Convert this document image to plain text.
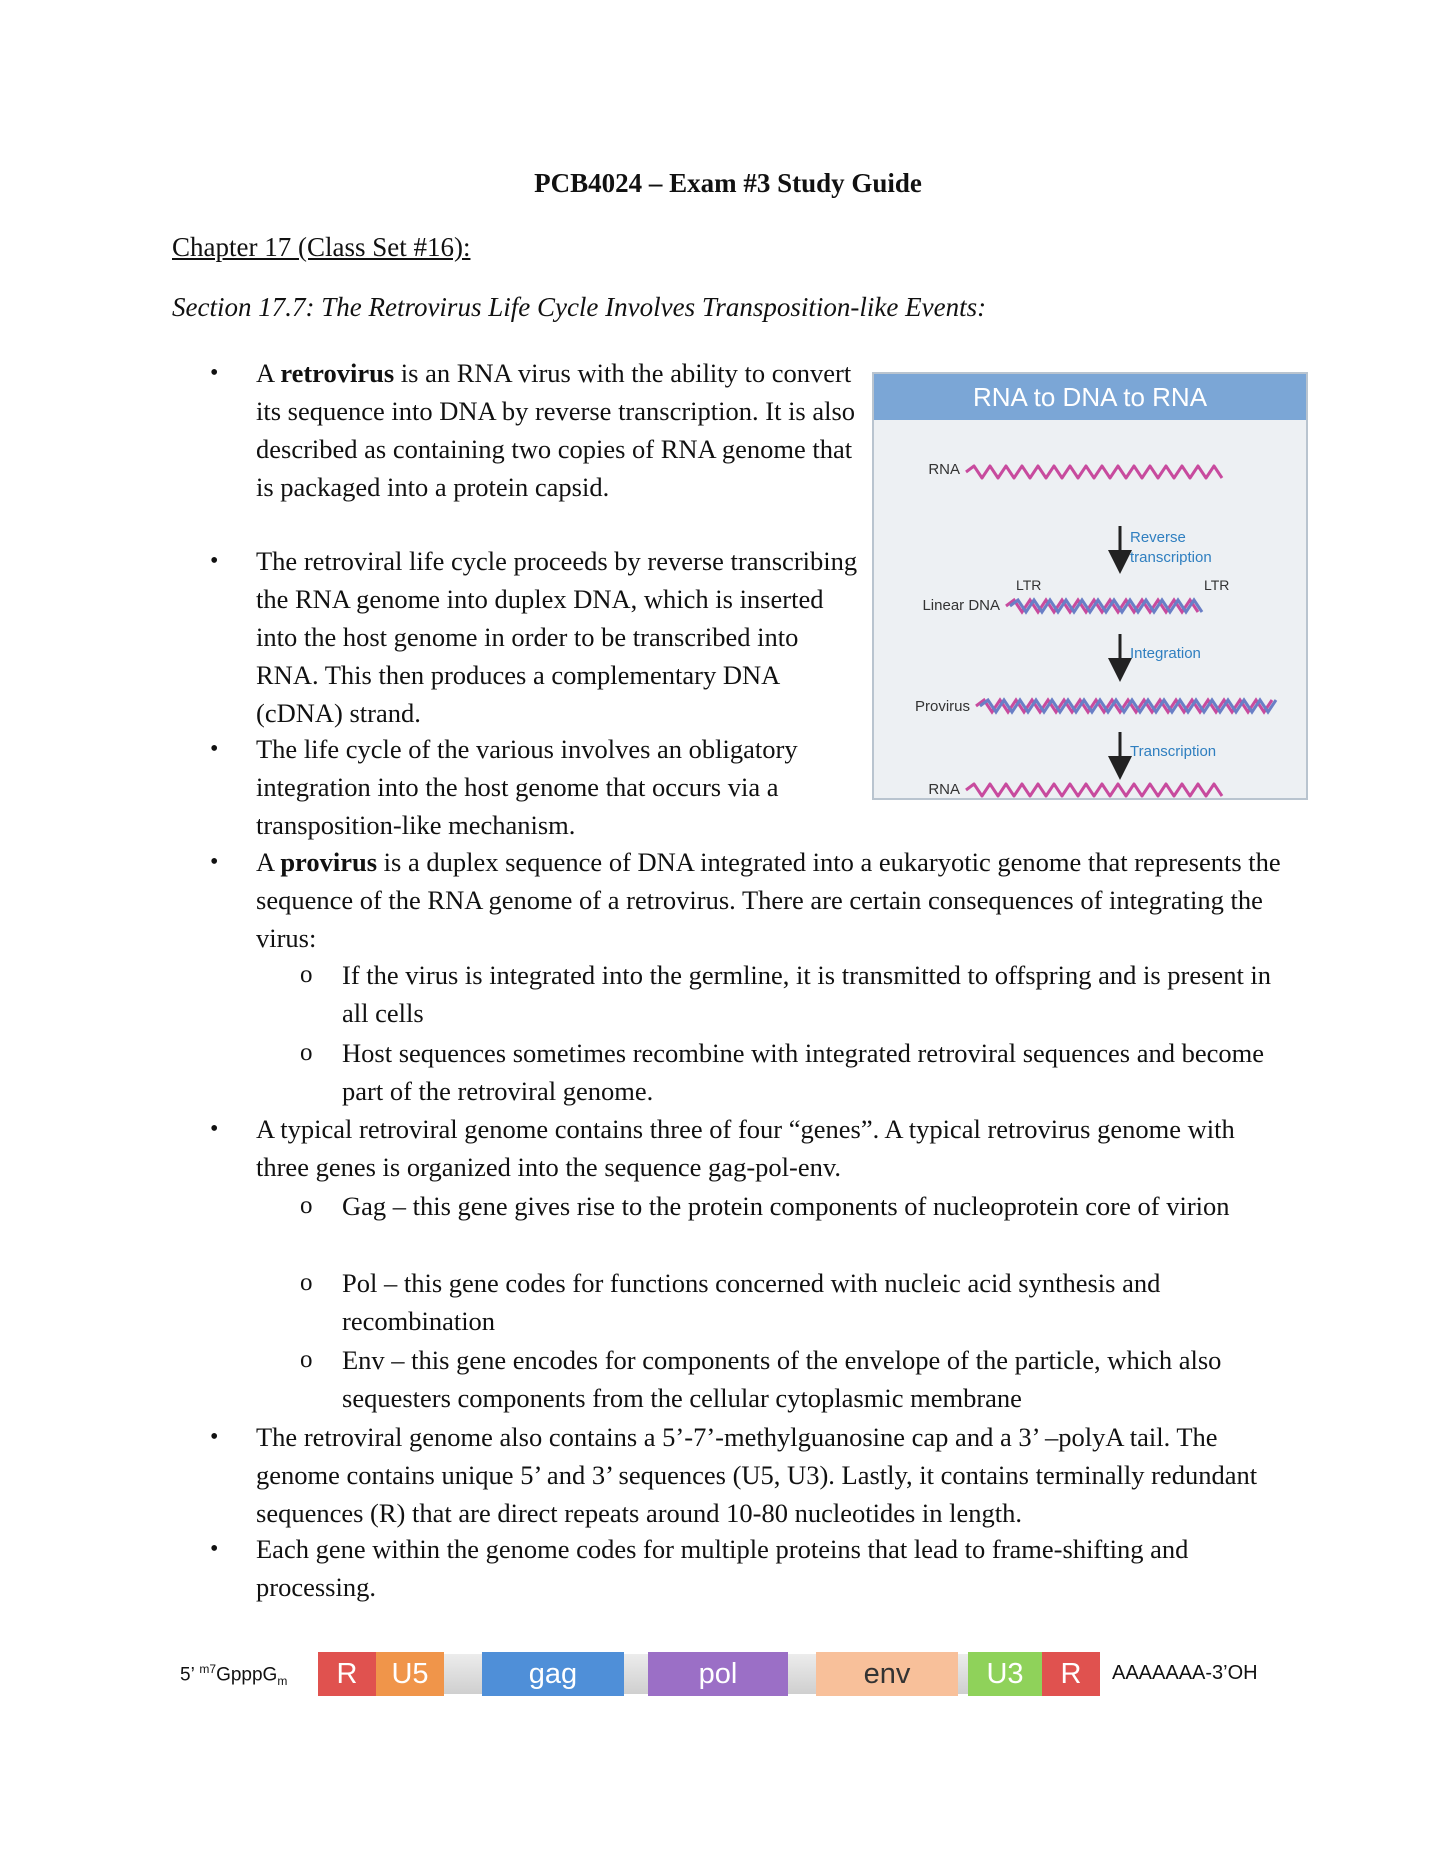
PCB4024 – Exam #3 Study Guide
Chapter 17 (Class Set #16):
Section 17.7: The Retrovirus Life Cycle Involves Transposition-like Events:
•	A retrovirus is an RNA virus with the ability to convert its sequence into DNA by reverse transcription. It is also described as containing two copies of RNA genome that is packaged into a protein capsid.
•	The retroviral life cycle proceeds by reverse transcribing the RNA genome into duplex DNA, which is inserted into the host genome in order to be transcribed into RNA. This then produces a complementary DNA (cDNA) strand.
•	The life cycle of the various involves an obligatory integration into the host genome that occurs via a transposition-like mechanism.
•	A provirus is a duplex sequence of DNA integrated into a eukaryotic genome that represents the sequence of the RNA genome of a retrovirus. There are certain consequences of integrating the virus:
o	If the virus is integrated into the germline, it is transmitted to offspring and is present in all cells
o	Host sequences sometimes recombine with integrated retroviral sequences and become part of the retroviral genome.
•	A typical retroviral genome contains three of four “genes”. A typical retrovirus genome with three genes is organized into the sequence gag-pol-env.
o	Gag – this gene gives rise to the protein components of nucleoprotein core of virion
o	Pol – this gene codes for functions concerned with nucleic acid synthesis and recombination
o	Env – this gene encodes for components of the envelope of the particle, which also sequesters components from the cellular cytoplasmic membrane
•	The retroviral genome also contains a 5’-7’-methylguanosine cap and a 3’ –polyA tail. The genome contains unique 5’ and 3’ sequences (U5, U3). Lastly, it contains terminally redundant sequences (R) that are direct repeats around 10-80 nucleotides in length.
•	Each gene within the genome codes for multiple proteins that lead to frame-shifting and processing.
RNA to DNA to RNA
RNA
Reverse
transcription
LTR	LTR
Linear DNA
Integration
Provirus
Transcription
RNA
5’ $^{m7}$GpppG$_m$	R	U5	gag	pol	env	U3	R	AAAAAAA-3’OH
